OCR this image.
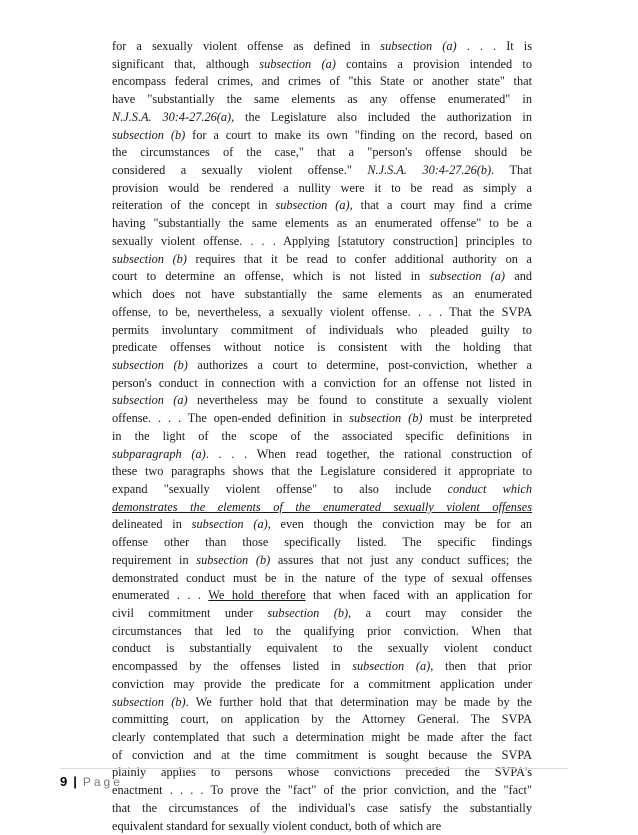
for a sexually violent offense as defined in subsection (a) . . . It is
significant that, although subsection (a) contains a provision intended to
encompass federal crimes, and crimes of "this State or another state" that
have "substantially the same elements as any offense enumerated" in
N.J.S.A. 30:4-27.26(a), the Legislature also included the authorization in
subsection (b) for a court to make its own "finding on the record, based on
the circumstances of the case," that a "person's offense should be
considered a sexually violent offense." N.J.S.A. 30:4-27.26(b). That
provision would be rendered a nullity were it to be read as simply a
reiteration of the concept in subsection (a), that a court may find a crime
having "substantially the same elements as an enumerated offense" to be a
sexually violent offense. . . . Applying [statutory construction] principles to
subsection (b) requires that it be read to confer additional authority on a
court to determine an offense, which is not listed in subsection (a) and
which does not have substantially the same elements as an enumerated
offense, to be, nevertheless, a sexually violent offense. . . . That the SVPA
permits involuntary commitment of individuals who pleaded guilty to
predicate offenses without notice is consistent with the holding that
subsection (b) authorizes a court to determine, post-conviction, whether a
person's conduct in connection with a conviction for an offense not listed in
subsection (a) nevertheless may be found to constitute a sexually violent
offense. . . . The open-ended definition in subsection (b) must be interpreted
in the light of the scope of the associated specific definitions in
subparagraph (a). . . . When read together, the rational construction of
these two paragraphs shows that the Legislature considered it appropriate to
expand "sexually violent offense" to also include conduct which
demonstrates the elements of the enumerated sexually violent offenses
delineated in subsection (a), even though the conviction may be for an
offense other than those specifically listed. The specific findings
requirement in subsection (b) assures that not just any conduct suffices; the
demonstrated conduct must be in the nature of the type of sexual offenses
enumerated . . . We hold therefore that when faced with an application for
civil commitment under subsection (b), a court may consider the
circumstances that led to the qualifying prior conviction. When that
conduct is substantially equivalent to the sexually violent conduct
encompassed by the offenses listed in subsection (a), then that prior
conviction may provide the predicate for a commitment application under
subsection (b). We further hold that that determination may be made by the
committing court, on application by the Attorney General. The SVPA
clearly contemplated that such a determination might be made after the fact
of conviction and at the time commitment is sought because the SVPA
plainly applies to persons whose convictions preceded the SVPA's
enactment . . . . To prove the "fact" of the prior conviction, and the "fact"
that the circumstances of the individual's case satisfy the substantially
equivalent standard for sexually violent conduct, both of which are
9 | Page
